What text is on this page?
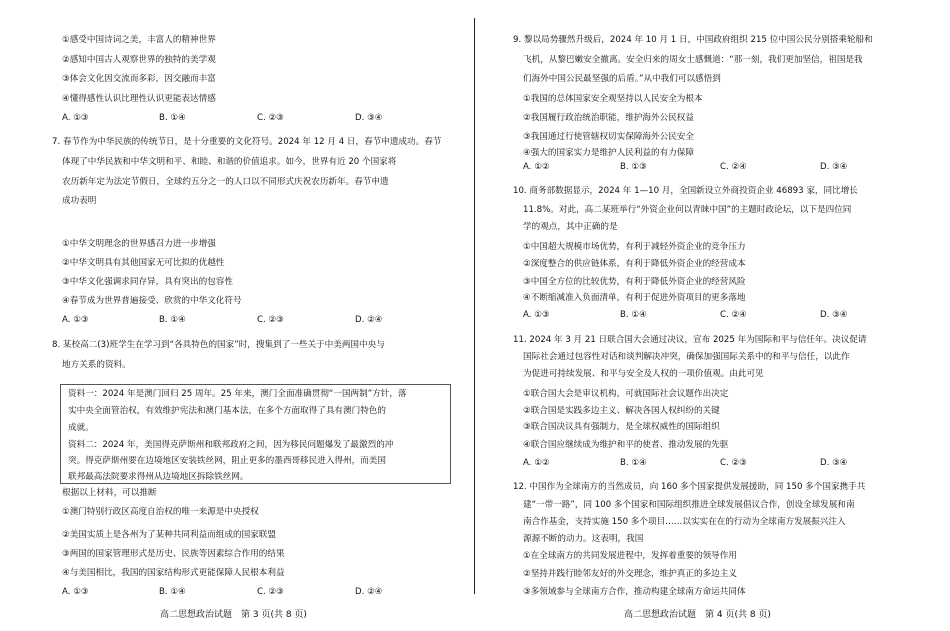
①感受中国诗词之美，丰富人的精神世界
②感知中国古人观察世界的独特的美学观
③体会文化因交流而多彩，因交融而丰富
④懂得感性认识比理性认识更能表达情感
A. ①③	B. ①④	C. ②③	D. ③④
7. 春节作为中华民族的传统节日，是十分重要的文化符号。2024 年 12 月 4 日，春节申遗成功。春节
体现了中华民族和中华文明和平、和睦、和谐的价值追求。如今，世界有近 20 个国家将
农历新年定为法定节假日，全球约五分之一的人口以不同形式庆祝农历新年。春节申遗
成功表明
①中华文明理念的世界感召力进一步增强
②中华文明具有其他国家无可比拟的优越性
③中华文化强调求同存异，具有突出的包容性
④春节成为世界普遍接受、欣赏的中华文化符号
A. ①③	B. ①④	C. ②③	D. ②④
8. 某校高二(3)班学生在学习到“各具特色的国家”时，搜集到了一些关于中美两国中央与
地方关系的资料。
资料一：2024 年是澳门回归 25 周年。25 年来，澳门全面准确贯彻“一国两制”方针，落
实中央全面管治权，有效维护宪法和澳门基本法，在多个方面取得了具有澳门特色的
成就。
资料二：2024 年，美国得克萨斯州和联邦政府之间，因为移民问题爆发了最激烈的冲
突。得克萨斯州要在边境地区安装铁丝网，阻止更多的墨西哥移民进入得州，而美国
联邦最高法院要求得州从边境地区拆除铁丝网。
根据以上材料，可以推断
①澳门特别行政区高度自治权的唯一来源是中央授权
②美国实质上是各州为了某种共同利益而组成的国家联盟
③两国的国家管理形式是历史、民族等因素综合作用的结果
④与美国相比，我国的国家结构形式更能保障人民根本利益
A. ①③	B. ①④	C. ②③	D. ②④
高二思想政治试题　第 3 页(共 8 页)
9. 黎以局势骤然升级后，2024 年 10 月 1 日，中国政府组织 215 位中国公民分别搭乘轮船和
飞机，从黎巴嫩安全撤离。安全归来的周女士感慨道：“那一刻，我们更加坚信，祖国是我
们海外中国公民最坚强的后盾。”从中我们可以感悟到
①我国的总体国家安全观坚持以人民安全为根本
②我国履行政治统治职能，维护海外公民权益
③我国通过行使管辖权切实保障海外公民安全
④强大的国家实力是维护人民利益的有力保障
A. ①②	B. ①③	C. ②④	D. ③④
10. 商务部数据显示，2024 年 1—10 月，全国新设立外商投资企业 46893 家，同比增长
11.8%。对此，高二某班举行“外资企业何以青睐中国”的主题时政论坛，以下是四位同
学的观点，其中正确的是
①中国超大规模市场优势，有利于减轻外资企业的竞争压力
②深度整合的供应链体系，有利于降低外资企业的经营成本
③中国全方位的比较优势，有利于降低外资企业的经营风险
④不断缩减准入负面清单，有利于促进外资项目的更多落地
A. ①③	B. ①④	C. ②④	D. ③④
11. 2024 年 3 月 21 日联合国大会通过决议，宣布 2025 年为国际和平与信任年。决议促请
国际社会通过包容性对话和谈判解决冲突，确保加强国际关系中的和平与信任，以此作
为促进可持续发展、和平与安全及人权的一项价值观。由此可见
①联合国大会是审议机构，可就国际社会议题作出决定
②联合国是实践多边主义、解决各国人权纠纷的关键
③联合国决议具有强制力，是全球权威性的国际组织
④联合国应继续成为维护和平的使者、推动发展的先驱
A. ①②	B. ①④	C. ②③	D. ③④
12. 中国作为全球南方的当然成员，向 160 多个国家提供发展援助，同 150 多个国家携手共
建“一带一路”，同 100 多个国家和国际组织推进全球发展倡议合作，创设全球发展和南
南合作基金，支持实施 150 多个项目……以实实在在的行动为全球南方发展振兴注入
源源不断的动力。这表明，我国
①在全球南方的共同发展进程中，发挥着重要的领导作用
②坚持并践行睦邻友好的外交理念，维护真正的多边主义
③多领域参与全球南方合作，推动构建全球南方命运共同体
高二思想政治试题　第 4 页(共 8 页)
